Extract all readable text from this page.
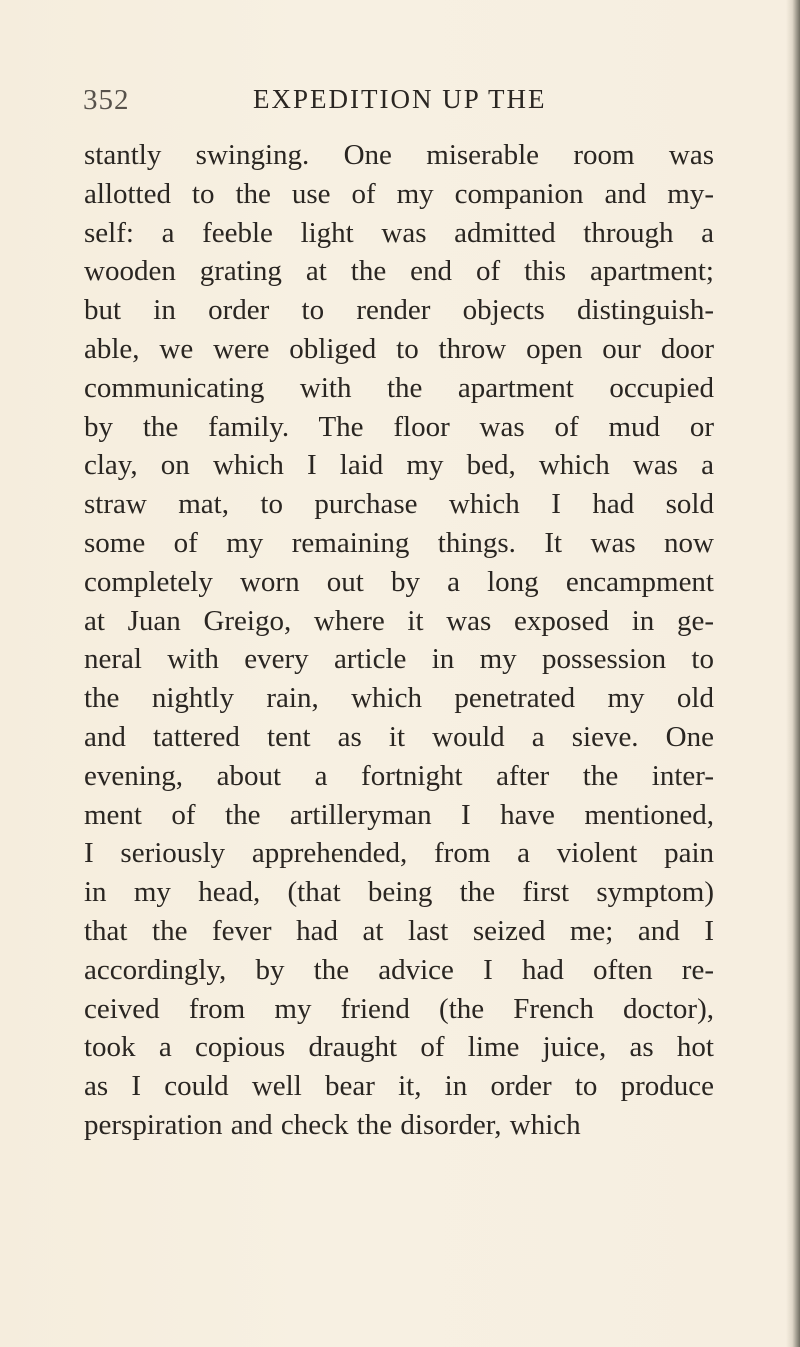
352	EXPEDITION UP THE
stantly swinging. One miserable room was
allotted to the use of my companion and my-
self: a feeble light was admitted through a
wooden grating at the end of this apartment;
but in order to render objects distinguish-
able, we were obliged to throw open our door
communicating with the apartment occupied
by the family. The floor was of mud or
clay, on which I laid my bed, which was a
straw mat, to purchase which I had sold
some of my remaining things. It was now
completely worn out by a long encampment
at Juan Greigo, where it was exposed in ge-
neral with every article in my possession to
the nightly rain, which penetrated my old
and tattered tent as it would a sieve. One
evening, about a fortnight after the inter-
ment of the artilleryman I have mentioned,
I seriously apprehended, from a violent pain
in my head, (that being the first symptom)
that the fever had at last seized me; and I
accordingly, by the advice I had often re-
ceived from my friend (the French doctor),
took a copious draught of lime juice, as hot
as I could well bear it, in order to produce
perspiration and check the disorder, which
